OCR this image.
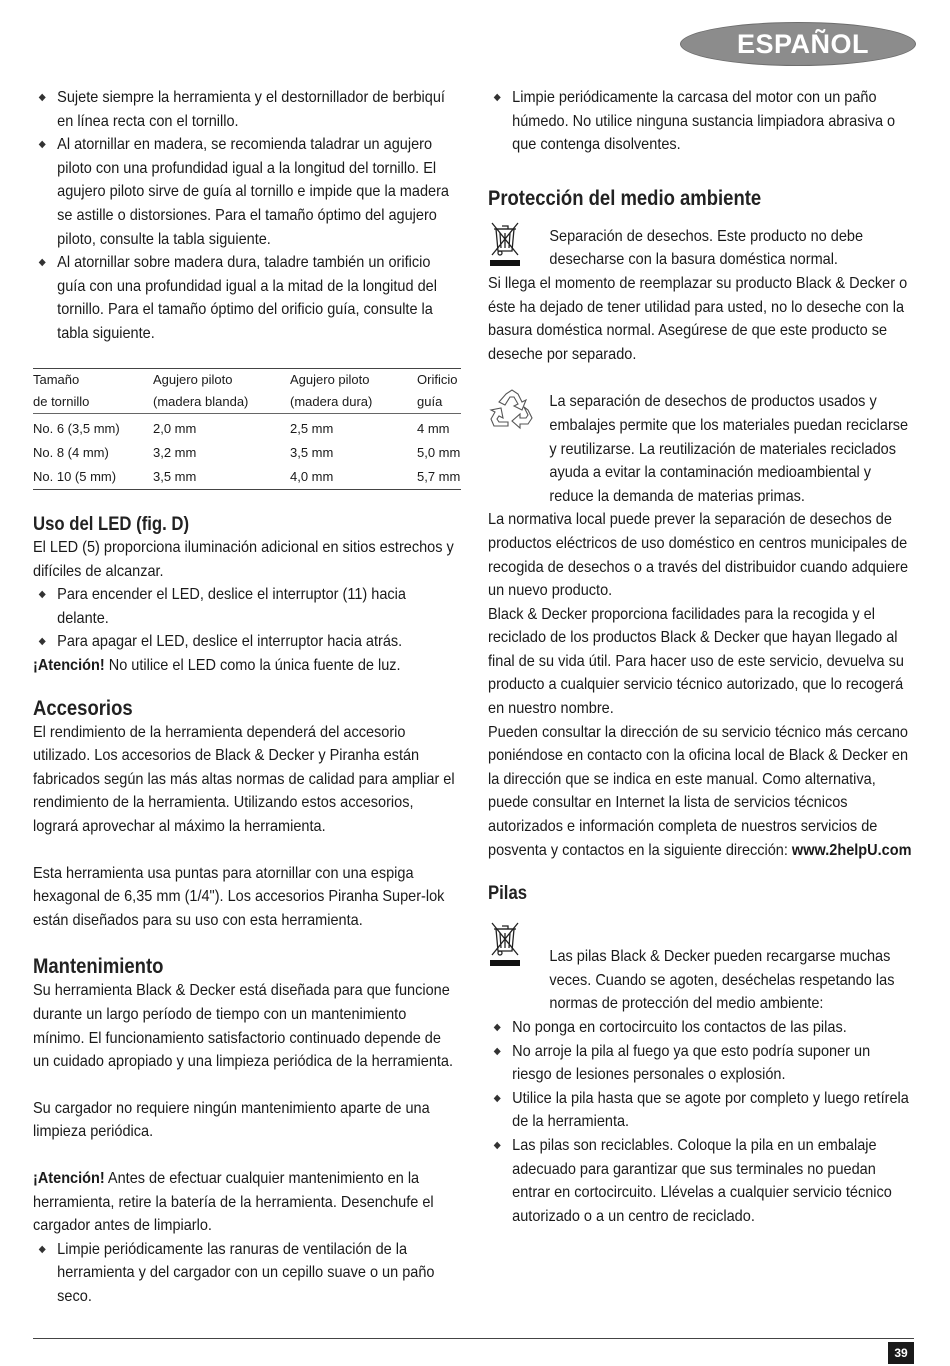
ESPAÑOL
◆ Sujete siempre la herramienta y el destornillador de berbiquí en línea recta con el tornillo.
◆ Al atornillar en madera, se recomienda taladrar un agujero piloto con una profundidad igual a la longitud del tornillo. El agujero piloto sirve de guía al tornillo e impide que la madera se astille o distorsiones. Para el tamaño óptimo del agujero piloto, consulte la tabla siguiente.
◆ Al atornillar sobre madera dura, taladre también un orificio guía con una profundidad igual a la mitad de la longitud del tornillo. Para el tamaño óptimo del orificio guía, consulte la tabla siguiente.
Tamaño	Agujero piloto	Agujero piloto	Orificio
de tornillo	(madera blanda)	(madera dura)	guía

No. 6 (3,5 mm)	2,0 mm	2,5 mm	4 mm
No. 8 (4 mm)	3,2 mm	3,5 mm	5,0 mm
No. 10 (5 mm)	3,5 mm	4,0 mm	5,7 mm
Uso del LED (fig. D)
El LED (5) proporciona iluminación adicional en sitios estrechos y difíciles de alcanzar.
◆ Para encender el LED, deslice el interruptor (11) hacia delante.
◆ Para apagar el LED, deslice el interruptor hacia atrás.
¡Atención! No utilice el LED como la única fuente de luz.
Accesorios
El rendimiento de la herramienta dependerá del accesorio utilizado. Los accesorios de Black & Decker y Piranha están fabricados según las más altas normas de calidad para ampliar el rendimiento de la herramienta. Utilizando estos accesorios, logrará aprovechar al máximo la herramienta.
Esta herramienta usa puntas para atornillar con una espiga hexagonal de 6,35 mm (1/4"). Los accesorios Piranha Super-lok están diseñados para su uso con esta herramienta.
Mantenimiento
Su herramienta Black & Decker está diseñada para que funcione durante un largo período de tiempo con un mantenimiento mínimo. El funcionamiento satisfactorio continuado depende de un cuidado apropiado y una limpieza periódica de la herramienta.
Su cargador no requiere ningún mantenimiento aparte de una limpieza periódica.
¡Atención! Antes de efectuar cualquier mantenimiento en la herramienta, retire la batería de la herramienta. Desenchufe el cargador antes de limpiarlo.
◆ Limpie periódicamente las ranuras de ventilación de la herramienta y del cargador con un cepillo suave o un paño seco.
◆ Limpie periódicamente la carcasa del motor con un paño húmedo. No utilice ninguna sustancia limpiadora abrasiva o que contenga disolventes.
Protección del medio ambiente
Separación de desechos. Este producto no debe desecharse con la basura doméstica normal.
Si llega el momento de reemplazar su producto Black & Decker o éste ha dejado de tener utilidad para usted, no lo deseche con la basura doméstica normal. Asegúrese de que este producto se deseche por separado.
La separación de desechos de productos usados y embalajes permite que los materiales puedan reciclarse y reutilizarse. La reutilización de materiales reciclados ayuda a evitar la contaminación medioambiental y reduce la demanda de materias primas.
La normativa local puede prever la separación de desechos de productos eléctricos de uso doméstico en centros municipales de recogida de desechos o a través del distribuidor cuando adquiere un nuevo producto.
Black & Decker proporciona facilidades para la recogida y el reciclado de los productos Black & Decker que hayan llegado al final de su vida útil. Para hacer uso de este servicio, devuelva su producto a cualquier servicio técnico autorizado, que lo recogerá en nuestro nombre.
Pueden consultar la dirección de su servicio técnico más cercano poniéndose en contacto con la oficina local de Black & Decker en la dirección que se indica en este manual. Como alternativa, puede consultar en Internet la lista de servicios técnicos autorizados e información completa de nuestros servicios de posventa y contactos en la siguiente dirección: www.2helpU.com
Pilas
Las pilas Black & Decker pueden recargarse muchas veces. Cuando se agoten, deséchelas respetando las normas de protección del medio ambiente:
◆ No ponga en cortocircuito los contactos de las pilas.
◆ No arroje la pila al fuego ya que esto podría suponer un riesgo de lesiones personales o explosión.
◆ Utilice la pila hasta que se agote por completo y luego retírela de la herramienta.
◆ Las pilas son reciclables. Coloque la pila en un embalaje adecuado para garantizar que sus terminales no puedan entrar en cortocircuito. Llévelas a cualquier servicio técnico autorizado o a un centro de reciclado.
39
